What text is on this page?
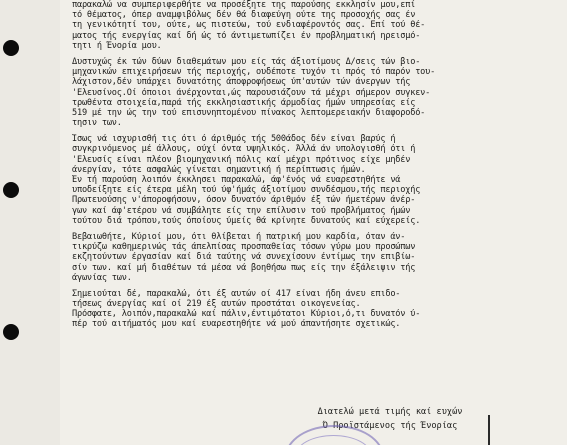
παρακαλώ να συμπεριφερθήτε να προσέξητε της παρούσης εκκλησίν μου,επί
τό θέματος, όπερ αναμφιβόλως δέν θά διαφεύγη ούτε της προσοχής σας έν
τη γενικότητί του, ούτε, ως πιστεύω, τού ενδιαφέροντός σας. Επί τού θέ-
ματος τής ενεργίας καί δή ώς τό άντιμετωπίζει έν προβληματική ηρεισμό-
τητι ή Ένορία μου.
Δυστυχώς έκ τών δύων διαθεμάτων μου είς τάς άξιοτίμους Δ/σεις τών βιο-
μηχανικών επιχειρήσεων τής περιοχής, ουδέποτε τυχόν τι πρός τό παρόν του-
λάχιστον,δέν υπάρχει δυνατότης άποφροφήσεως ύπ'αυτών τών άνεργων τής
'Ελευσίνος.Οί όποιοι άνέρχονται,ώς παρουσιάζουν τά μέχρι σήμερον συγκεν-
τρωθέντα στοιχεία,παρά τής εκκλησιαστικής άρμοδίας ήμών υπηρεσίας είς
519 μέ την ώς την τού επισυνηπτομένου πίνακος λεπτομερειακήν διαφοροδό-
τησιν των.
Ίσως νά ισχυρισθή τις ότι ό άριθμός τής 500άδος δέν είναι βαρύς ή
συγκρινόμενος μέ άλλους, ούχί όντα υψηλικός. Άλλά άν υπολογισθή ότι ή
'Ελευσίς είναι πλέον βιομηχανική πόλις καί μέχρι πρότινος είχε μηδέν
άνεργίαν, τότε ασφαλώς γίνεται σημαντική ή περίπτωσις ήμών.
Έν τή παρούση λοιπόν έκκλησει παρακαλώ, άφ'ένός νά ευαρεστηθήτε νά
υποδείξητε είς έτερα μέλη τού ύφ'ήμάς άξιοτίμου συνδέσμου,τής περιοχής
Πρωτευούσης ν'άποροφήσουν, όσον δυνατόν άριθμόν έξ τών ήμετέρων άνέρ-
γων καί άφ'ετέρου νά συμβάλητε είς την επίλυσιν τού προβλήματος ήμών
τούτου διά τρόπου,τούς όποίους ύμείς θά κρίνητε δυνατούς καί εύχερείς.
Βεβαιωθήτε, Κύριοί μου, ότι θλίβεται ή πατρική μου καρδία, όταν άν-
τικρύζω καθημερινώς τάς άπελπίσας προσπαθείας τόσων γύρω μου προσώπων
εκζητούντων έργασίαν καί διά ταύτης νά συνεχίσουν έντίμως την επιβίω-
σίν των. καί μή διαθέτων τά μέσα νά βοηθήσω πως είς την έξάλειψιν τής
άγωνίας των.
Σημειούται δέ, παρακαλώ, ότι έξ αυτών οί 417 είναι ήδη άνευ επιδο-
τήσεως άνεργίας καί οί 219 έξ αυτών προστάται οικογενείας.
Πρόσφατε, λοιπόν,παρακαλώ καί πάλιν,έντιμότατοι Κύριοι,ό,τι δυνατόν ύ-
πέρ τού αιτήματός μου καί ευαρεστηθήτε νά μού άπαντήσητε σχετικώς.
Διατελώ μετά τιμής καί ευχών
Ό Προϊστάμενος τής Ένορίας
